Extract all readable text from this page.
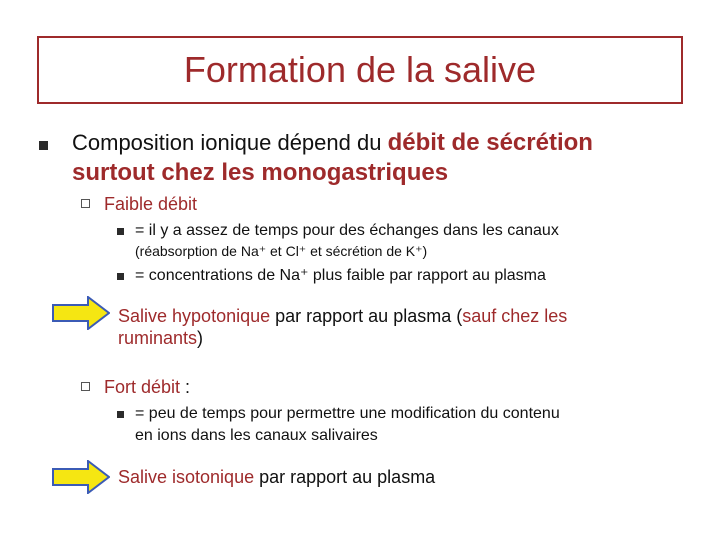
Formation de la salive
Composition ionique dépend du débit de sécrétion
surtout chez les monogastriques
Faible débit
= il y a assez de temps pour des échanges dans les canaux
(réabsorption de Na⁺ et Cl⁺ et sécrétion de K⁺)
= concentrations de Na⁺ plus faible par rapport au plasma
Salive hypotonique par rapport au plasma (sauf chez les
ruminants)
Fort débit :
= peu de temps pour permettre une modification du contenu
en ions dans les canaux salivaires
Salive isotonique par rapport au plasma
